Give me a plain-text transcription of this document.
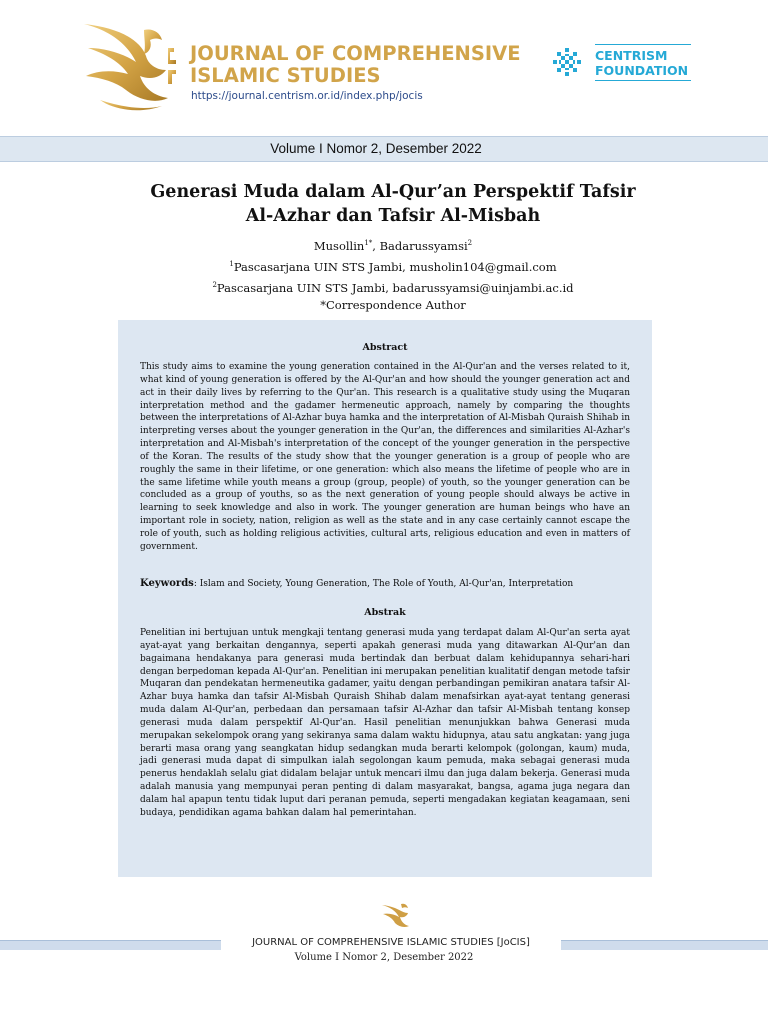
JOURNAL OF COMPREHENSIVE
ISLAMIC STUDIES
https://journal.centrism.or.id/index.php/jocis
CENTRISM
FOUNDATION
Volume I Nomor 2, Desember 2022
Generasi Muda dalam Al-Qur’an Perspektif Tafsir
Al-Azhar dan Tafsir Al-Misbah
Musollin$^{1*}$, Badarussyamsi$^2$
$^1$Pascasarjana UIN STS Jambi, musholin104@gmail.com
$^2$Pascasarjana UIN STS Jambi, badarussyamsi@uinjambi.ac.id
*Correspondence Author
Abstract

This study aims to examine the young generation contained in the Al-Qur'an and the verses related to it, what kind of young generation is offered by the Al-Qur'an and how should the younger generation act and act in their daily lives by referring to the Qur'an. This research is a qualitative study using the Muqaran interpretation method and the gadamer hermeneutic approach, namely by comparing the thoughts between the interpretations of Al-Azhar buya hamka and the interpretation of Al-Misbah Quraish Shihab in interpreting verses about the younger generation in the Qur'an, the differences and similarities Al-Azhar's interpretation and Al-Misbah's interpretation of the concept of the younger generation in the perspective of the Koran. The results of the study show that the younger generation is a group of people who are roughly the same in their lifetime, or one generation: which also means the lifetime of people who are in the same lifetime while youth means a group (group, people) of youth, so the younger generation can be concluded as a group of youths, so as the next generation of young people should always be active in learning to seek knowledge and also in work. The younger generation are human beings who have an important role in society, nation, religion as well as the state and in any case certainly cannot escape the role of youth, such as holding religious activities, cultural arts, religious education and even in matters of government.

Keywords: Islam and Society, Young Generation, The Role of Youth, Al-Qur'an, Interpretation
Abstrak

Penelitian ini bertujuan untuk mengkaji tentang generasi muda yang terdapat dalam Al-Qur'an serta ayat ayat-ayat yang berkaitan dengannya, seperti apakah generasi muda yang ditawarkan Al-Qur'an dan bagaimana hendakanya para generasi muda bertindak dan berbuat dalam kehidupannya sehari-hari dengan berpedoman kepada Al-Qur'an. Penelitian ini merupakan penelitian kualitatif dengan metode tafsir Muqaran dan pendekatan hermeneutika gadamer, yaitu dengan perbandingan pemikiran anatara tafsir Al-Azhar buya hamka dan tafsir Al-Misbah Quraish Shihab dalam menafsirkan ayat-ayat tentang generasi muda dalam Al-Qur'an, perbedaan dan persamaan tafsir Al-Azhar dan tafsir Al-Misbah tentang konsep generasi muda dalam perspektif Al-Qur'an. Hasil penelitian menunjukkan bahwa Generasi muda merupakan sekelompok orang yang sekiranya sama dalam waktu hidupnya, atau satu angkatan: yang juga berarti masa orang yang seangkatan hidup sedangkan muda berarti kelompok (golongan, kaum) muda, jadi generasi muda dapat di simpulkan ialah segolongan kaum pemuda, maka sebagai generasi muda penerus hendaklah selalu giat didalam belajar untuk mencari ilmu dan juga dalam bekerja. Generasi muda adalah manusia yang mempunyai peran penting di dalam masyarakat, bangsa, agama juga negara dan dalam hal apapun tentu tidak luput dari peranan pemuda, seperti mengadakan kegiatan keagamaan, seni budaya, pendidikan agama bahkan dalam hal pemerintahan.

JOURNAL OF COMPREHENSIVE ISLAMIC STUDIES [JoCIS]
Volume I Nomor 2, Desember 2022
